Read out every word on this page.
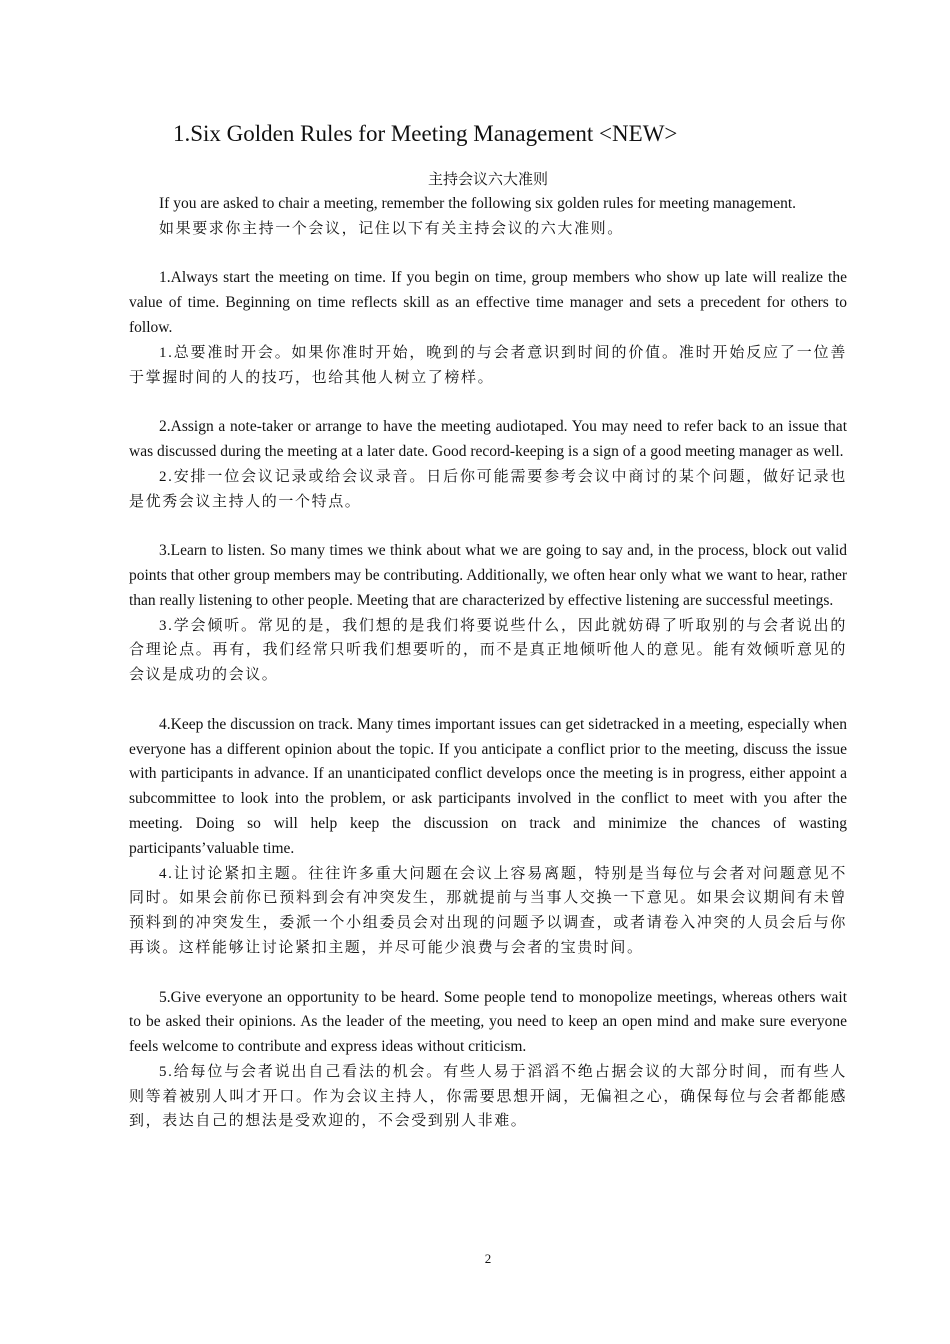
1.Six Golden Rules for Meeting Management <NEW>

主持会议六大准则

If you are asked to chair a meeting, remember the following six golden rules for meeting management.

如果要求你主持一个会议，记住以下有关主持会议的六大准则。

1.Always start the meeting on time. If you begin on time, group members who show up late will realize the value of time. Beginning on time reflects skill as an effective time manager and sets a precedent for others to follow.

1.总要准时开会。如果你准时开始，晚到的与会者意识到时间的价值。准时开始反应了一位善于掌握时间的人的技巧，也给其他人树立了榜样。

2.Assign a note-taker or arrange to have the meeting audiotaped. You may need to refer back to an issue that was discussed during the meeting at a later date. Good record-keeping is a sign of a good meeting manager as well.

2.安排一位会议记录或给会议录音。日后你可能需要参考会议中商讨的某个问题，做好记录也是优秀会议主持人的一个特点。

3.Learn to listen. So many times we think about what we are going to say and, in the process, block out valid points that other group members may be contributing. Additionally, we often hear only what we want to hear, rather than really listening to other people. Meeting that are characterized by effective listening are successful meetings.

3.学会倾听。常见的是，我们想的是我们将要说些什么，因此就妨碍了听取别的与会者说出的合理论点。再有，我们经常只听我们想要听的，而不是真正地倾听他人的意见。能有效倾听意见的会议是成功的会议。

4.Keep the discussion on track. Many times important issues can get sidetracked in a meeting, especially when everyone has a different opinion about the topic. If you anticipate a conflict prior to the meeting, discuss the issue with participants in advance. If an unanticipated conflict develops once the meeting is in progress, either appoint a subcommittee to look into the problem, or ask participants involved in the conflict to meet with you after the meeting. Doing so will help keep the discussion on track and minimize the chances of wasting participants’valuable time.

4.让讨论紧扣主题。往往许多重大问题在会议上容易离题，特别是当每位与会者对问题意见不同时。如果会前你已预料到会有冲突发生，那就提前与当事人交换一下意见。如果会议期间有未曾预料到的冲突发生，委派一个小组委员会对出现的问题予以调查，或者请卷入冲突的人员会后与你再谈。这样能够让讨论紧扣主题，并尽可能少浪费与会者的宝贵时间。

5.Give everyone an opportunity to be heard. Some people tend to monopolize meetings, whereas others wait to be asked their opinions. As the leader of the meeting, you need to keep an open mind and make sure everyone feels welcome to contribute and express ideas without criticism.

5.给每位与会者说出自己看法的机会。有些人易于滔滔不绝占据会议的大部分时间，而有些人则等着被别人叫才开口。作为会议主持人，你需要思想开阔，无偏袒之心，确保每位与会者都能感到，表达自己的想法是受欢迎的，不会受到别人非难。

2
